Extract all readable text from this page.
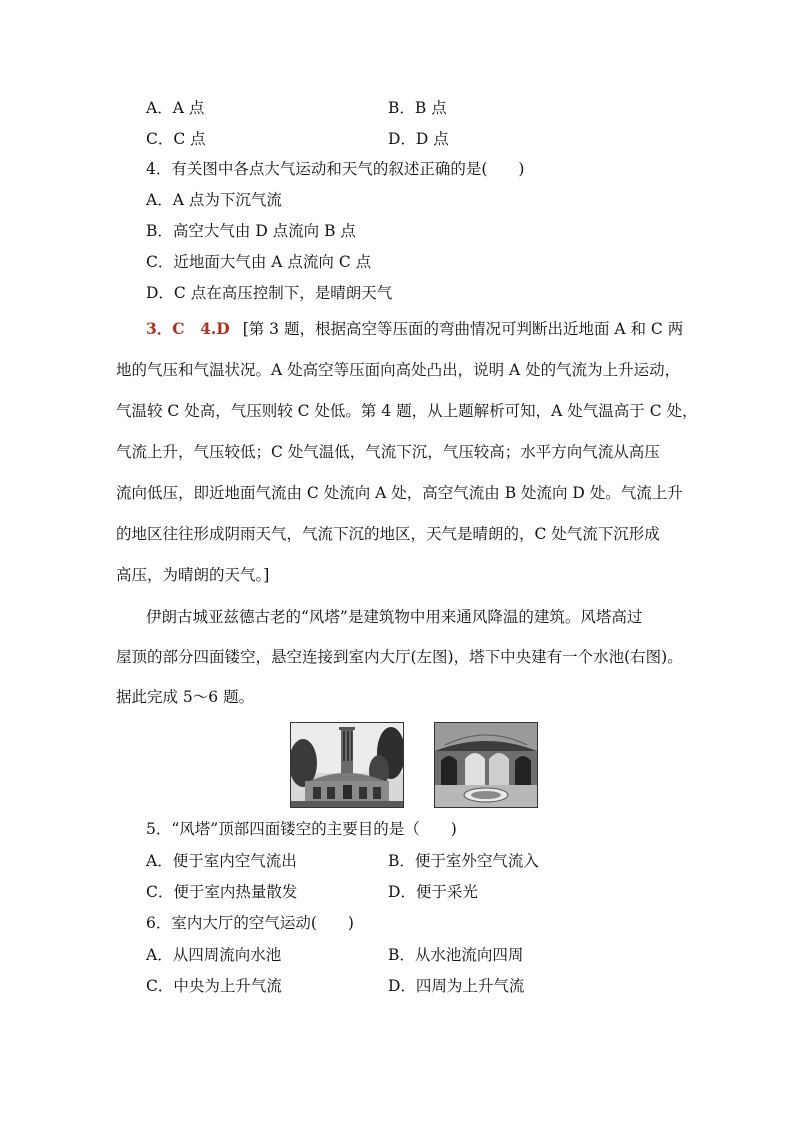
A．A 点	B．B 点
C．C 点	D．D 点
4．有关图中各点大气运动和天气的叙述正确的是(　　)
A．A 点为下沉气流
B．高空大气由 D 点流向 B 点
C．近地面大气由 A 点流向 C 点
D．C 点在高压控制下，是晴朗天气
3．C　4.D [第 3 题，根据高空等压面的弯曲情况可判断出近地面 A 和 C 两
地的气压和气温状况。A 处高空等压面向高处凸出，说明 A 处的气流为上升运动，
气温较 C 处高，气压则较 C 处低。第 4 题，从上题解析可知，A 处气温高于 C 处，
气流上升，气压较低；C 处气温低，气流下沉，气压较高；水平方向气流从高压
流向低压，即近地面气流由 C 处流向 A 处，高空气流由 B 处流向 D 处。气流上升
的地区往往形成阴雨天气，气流下沉的地区，天气是晴朗的，C 处气流下沉形成
高压，为晴朗的天气。]
伊朗古城亚兹德古老的“风塔”是建筑物中用来通风降温的建筑。风塔高过
屋顶的部分四面镂空，悬空连接到室内大厅(左图)，塔下中央建有一个水池(右图)。
据此完成 5～6 题。
5．“风塔”顶部四面镂空的主要目的是（　　)
A．便于室内空气流出	B．便于室外空气流入
C．便于室内热量散发	D．便于采光
6．室内大厅的空气运动(　　)
A．从四周流向水池	B．从水池流向四周
C．中央为上升气流	D．四周为上升气流
